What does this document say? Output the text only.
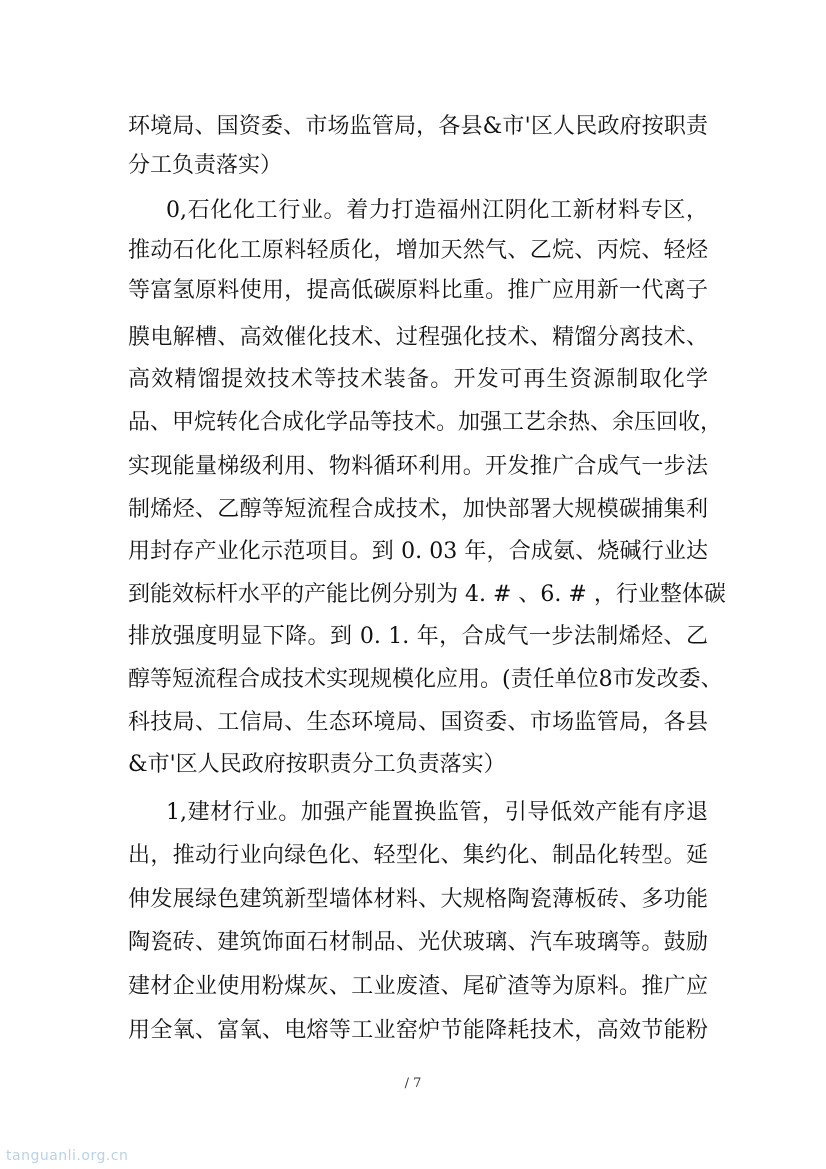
环境局、国资委、市场监管局，各县&市'区人民政府按职责
分工负责落实）
0,石化化工行业。着力打造福州江阴化工新材料专区，
推动石化化工原料轻质化，增加天然气、乙烷、丙烷、轻烃
等富氢原料使用，提高低碳原料比重。推广应用新一代离子
膜电解槽、高效催化技术、过程强化技术、精馏分离技术、
高效精馏提效技术等技术装备。开发可再生资源制取化学
品、甲烷转化合成化学品等技术。加强工艺余热、余压回收，
实现能量梯级利用、物料循环利用。开发推广合成气一步法
制烯烃、乙醇等短流程合成技术，加快部署大规模碳捕集利
用封存产业化示范项目。到 0. 03 年，合成氨、烧碱行业达
到能效标杆水平的产能比例分别为 4. # 、6. # ，行业整体碳
排放强度明显下降。到 0. 1. 年，合成气一步法制烯烃、乙
醇等短流程合成技术实现规模化应用。(责任单位8市发改委、
科技局、工信局、生态环境局、国资委、市场监管局，各县
&市'区人民政府按职责分工负责落实）
1,建材行业。加强产能置换监管，引导低效产能有序退
出，推动行业向绿色化、轻型化、集约化、制品化转型。延
伸发展绿色建筑新型墙体材料、大规格陶瓷薄板砖、多功能
陶瓷砖、建筑饰面石材制品、光伏玻璃、汽车玻璃等。鼓励
建材企业使用粉煤灰、工业废渣、尾矿渣等为原料。推广应
用全氧、富氧、电熔等工业窑炉节能降耗技术，高效节能粉
/ 7
tanguanli.org.cn
